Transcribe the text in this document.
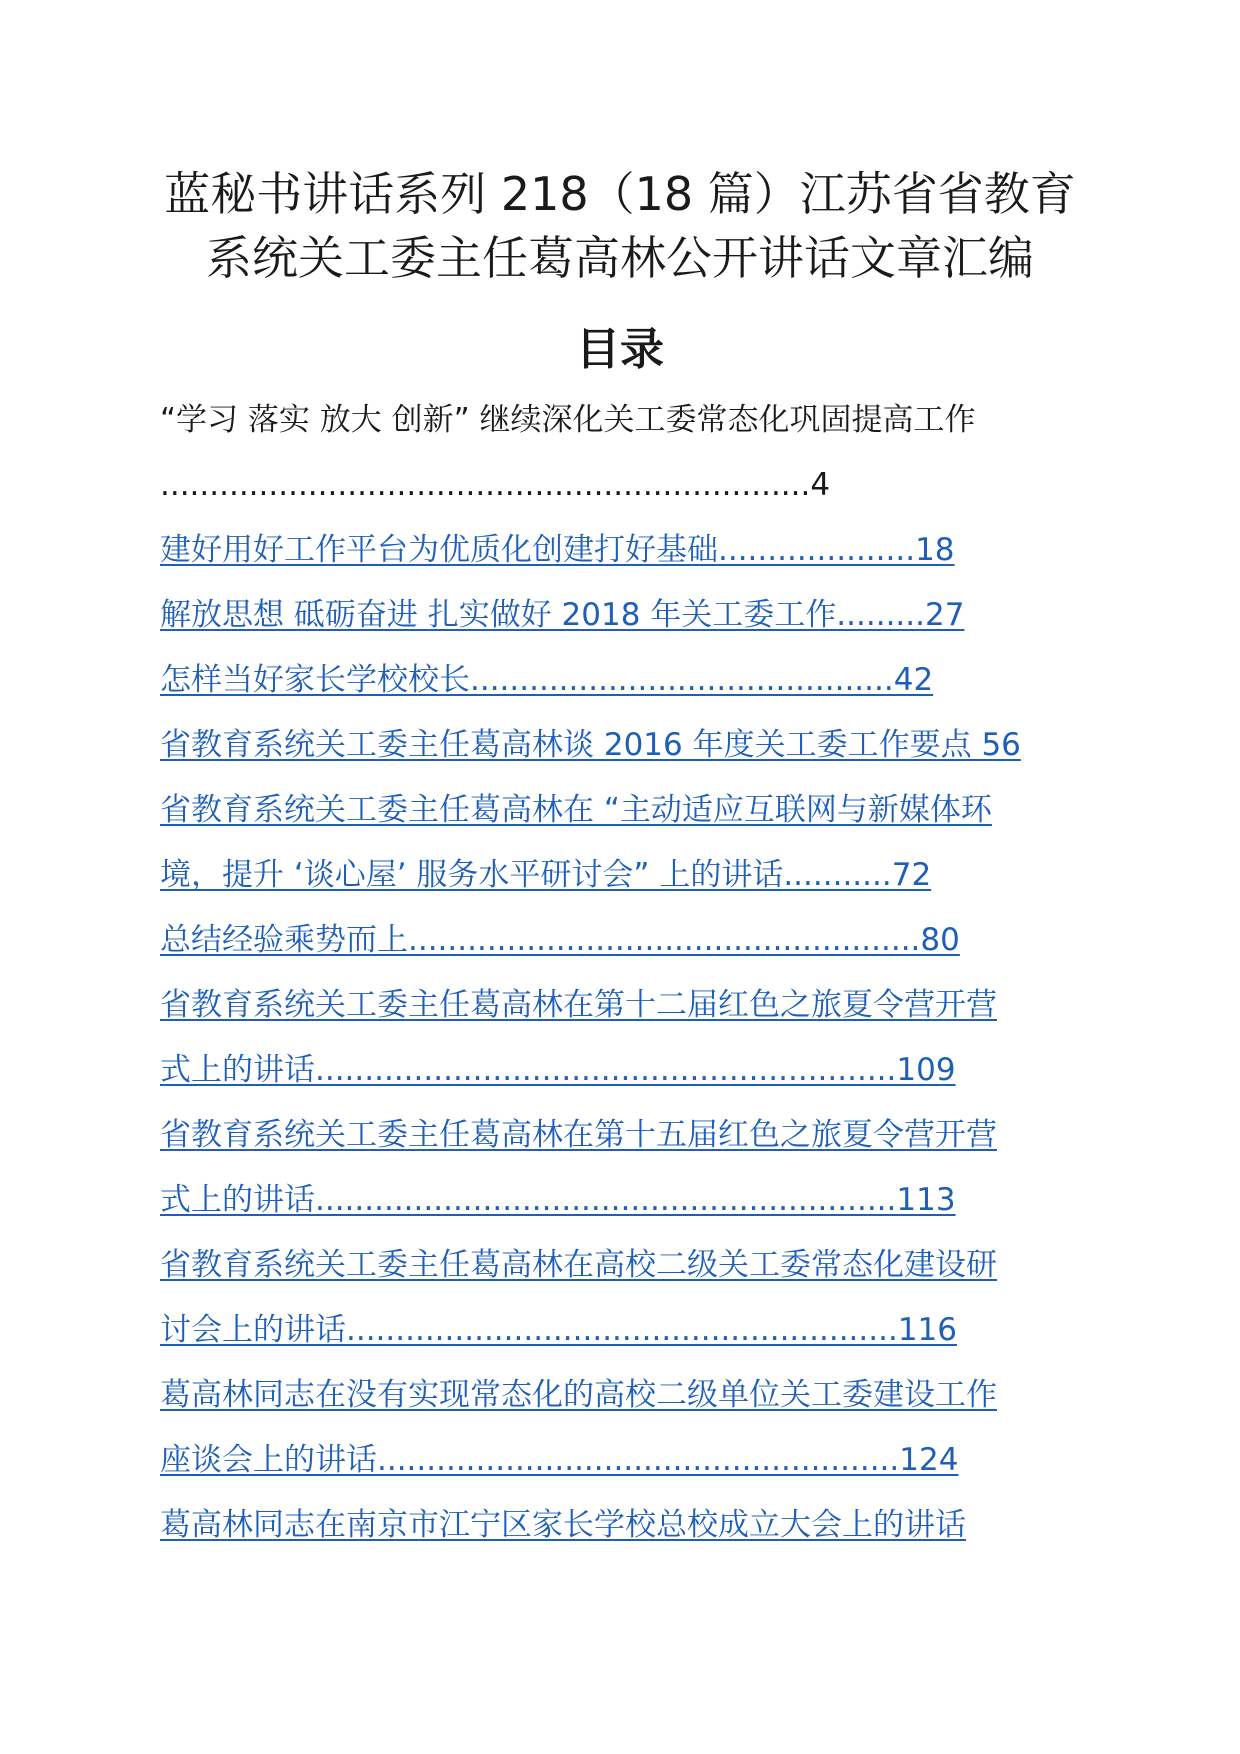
蓝秘书讲话系列 218（18 篇）江苏省省教育
系统关工委主任葛高林公开讲话文章汇编
目录
“学习 落实 放大 创新” 继续深化关工委常态化巩固提高工作
..................................................................4
建好用好工作平台为优质化创建打好基础....................18
解放思想 砥砺奋进 扎实做好 2018 年关工委工作.........27
怎样当好家长学校校长...........................................42
省教育系统关工委主任葛高林谈 2016 年度关工委工作要点 56
省教育系统关工委主任葛高林在 “主动适应互联网与新媒体环
境，提升 ‘谈心屋’ 服务水平研讨会” 上的讲话...........72
总结经验乘势而上....................................................80
省教育系统关工委主任葛高林在第十二届红色之旅夏令营开营
式上的讲话...........................................................109
省教育系统关工委主任葛高林在第十五届红色之旅夏令营开营
式上的讲话...........................................................113
省教育系统关工委主任葛高林在高校二级关工委常态化建设研
讨会上的讲话........................................................116
葛高林同志在没有实现常态化的高校二级单位关工委建设工作
座谈会上的讲话.....................................................124
葛高林同志在南京市江宁区家长学校总校成立大会上的讲话
